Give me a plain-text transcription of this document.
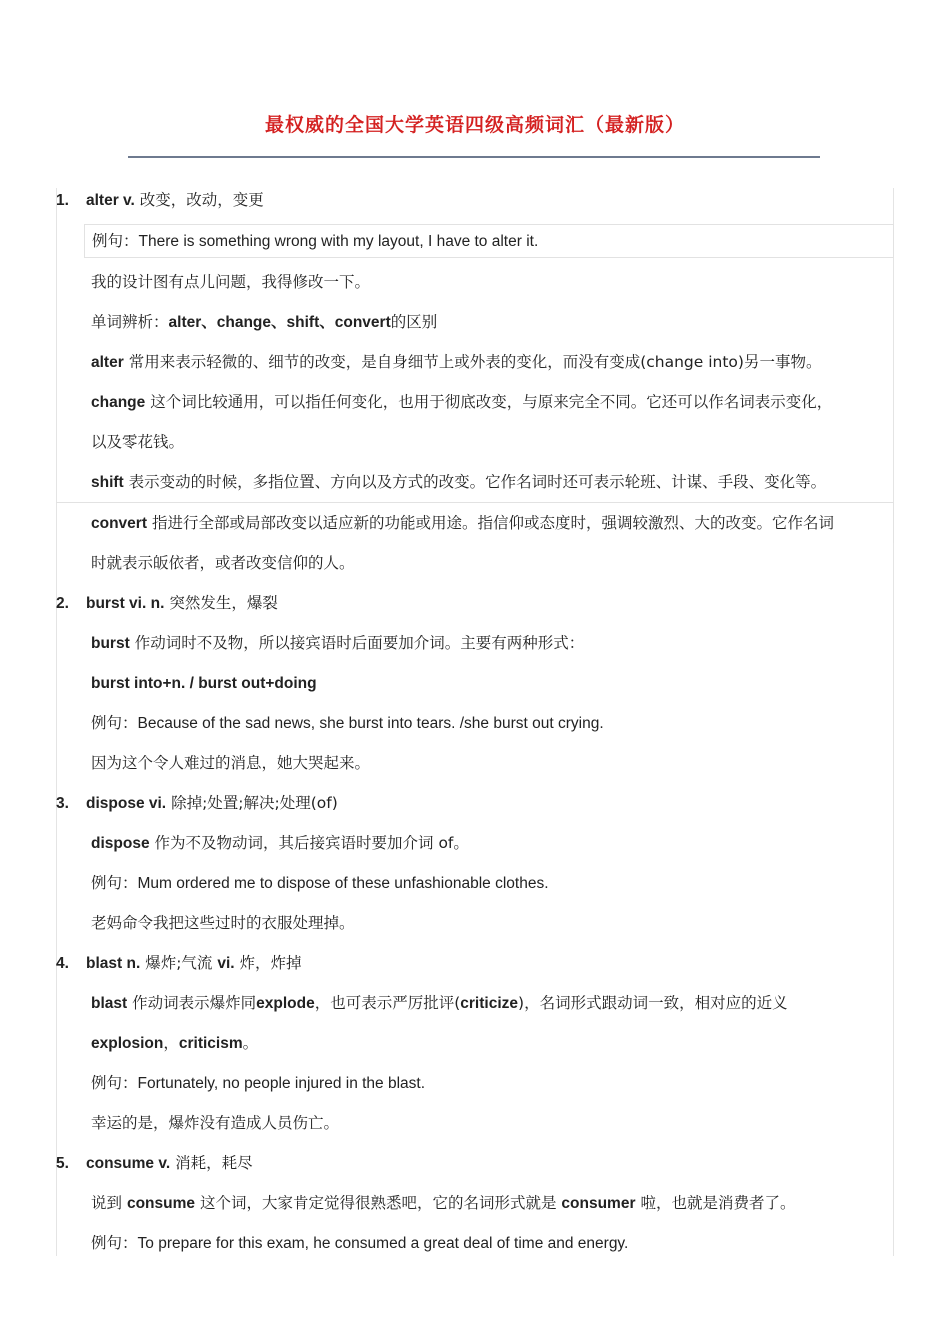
最权威的全国大学英语四级高频词汇（最新版）
1. alter v. 改变，改动，变更
例句：There is something wrong with my layout, I have to alter it.
我的设计图有点儿问题，我得修改一下。
单词辨析：alter、change、shift、convert的区别
alter 常用来表示轻微的、细节的改变，是自身细节上或外表的变化，而没有变成(change into)另一事物。
change 这个词比较通用，可以指任何变化，也用于彻底改变，与原来完全不同。它还可以作名词表示变化，
以及零花钱。
shift 表示变动的时候，多指位置、方向以及方式的改变。它作名词时还可表示轮班、计谋、手段、变化等。
convert 指进行全部或局部改变以适应新的功能或用途。指信仰或态度时，强调较激烈、大的改变。它作名词
时就表示皈依者，或者改变信仰的人。
2. burst vi. n. 突然发生，爆裂
burst 作动词时不及物，所以接宾语时后面要加介词。主要有两种形式：
burst into+n. / burst out+doing
例句：Because of the sad news, she burst into tears. /she burst out crying.
因为这个令人难过的消息，她大哭起来。
3. dispose vi. 除掉;处置;解决;处理(of)
dispose 作为不及物动词，其后接宾语时要加介词 of。
例句：Mum ordered me to dispose of these unfashionable clothes.
老妈命令我把这些过时的衣服处理掉。
4. blast n. 爆炸;气流 vi. 炸，炸掉
blast 作动词表示爆炸同explode，也可表示严厉批评(criticize)，名词形式跟动词一致，相对应的近义
explosion，criticism。
例句：Fortunately, no people injured in the blast.
幸运的是，爆炸没有造成人员伤亡。
5. consume v. 消耗，耗尽
说到 consume 这个词，大家肯定觉得很熟悉吧，它的名词形式就是 consumer 啦，也就是消费者了。
例句：To prepare for this exam, he consumed a great deal of time and energy.
